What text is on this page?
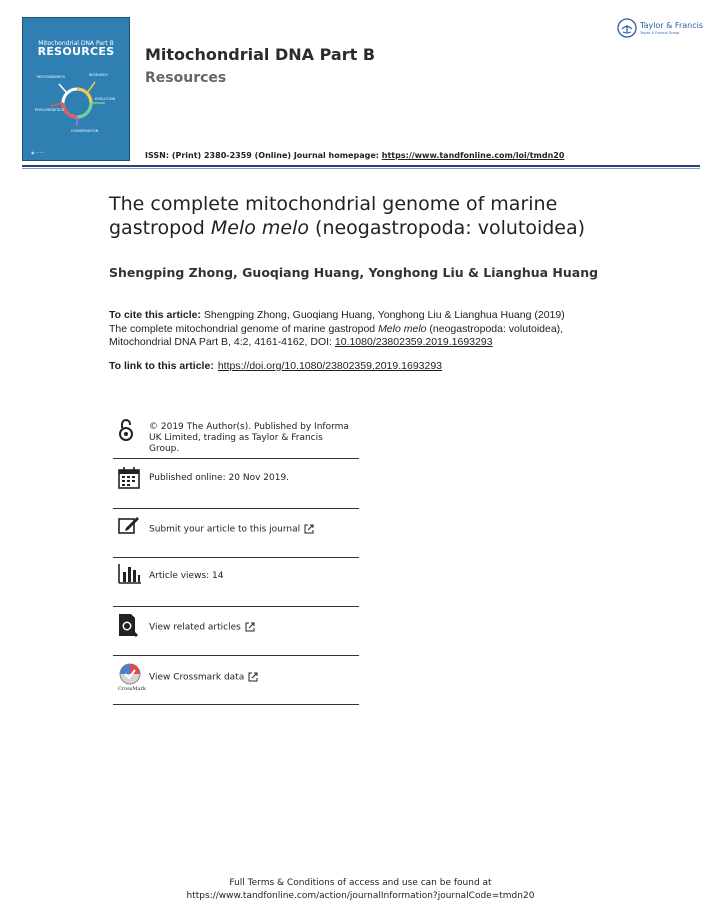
Mitochondrial DNA Part B
RESOURCES
MITOGENOMICS	RESEARCH
EVOLUTION
PHYLOGENETICS
CONSERVATION
◉ ·······
Mitochondrial DNA Part B
Resources
ISSN: (Print) 2380-2359 (Online) Journal homepage: https://www.tandfonline.com/loi/tmdn20
Taylor & Francis
Taylor & Francis Group
The complete mitochondrial genome of marine
gastropod Melo melo (neogastropoda: volutoidea)
Shengping Zhong, Guoqiang Huang, Yonghong Liu & Lianghua Huang
To cite this article: Shengping Zhong, Guoqiang Huang, Yonghong Liu & Lianghua Huang (2019)
The complete mitochondrial genome of marine gastropod Melo melo (neogastropoda: volutoidea),
Mitochondrial DNA Part B, 4:2, 4161-4162, DOI: 10.1080/23802359.2019.1693293
To link to this article: https://doi.org/10.1080/23802359.2019.1693293
© 2019 The Author(s). Published by Informa
UK Limited, trading as Taylor & Francis
Group.
Published online: 20 Nov 2019.
Submit your article to this journal
Article views: 14
View related articles
CrossMark
View Crossmark data
Full Terms & Conditions of access and use can be found at
https://www.tandfonline.com/action/journalInformation?journalCode=tmdn20
